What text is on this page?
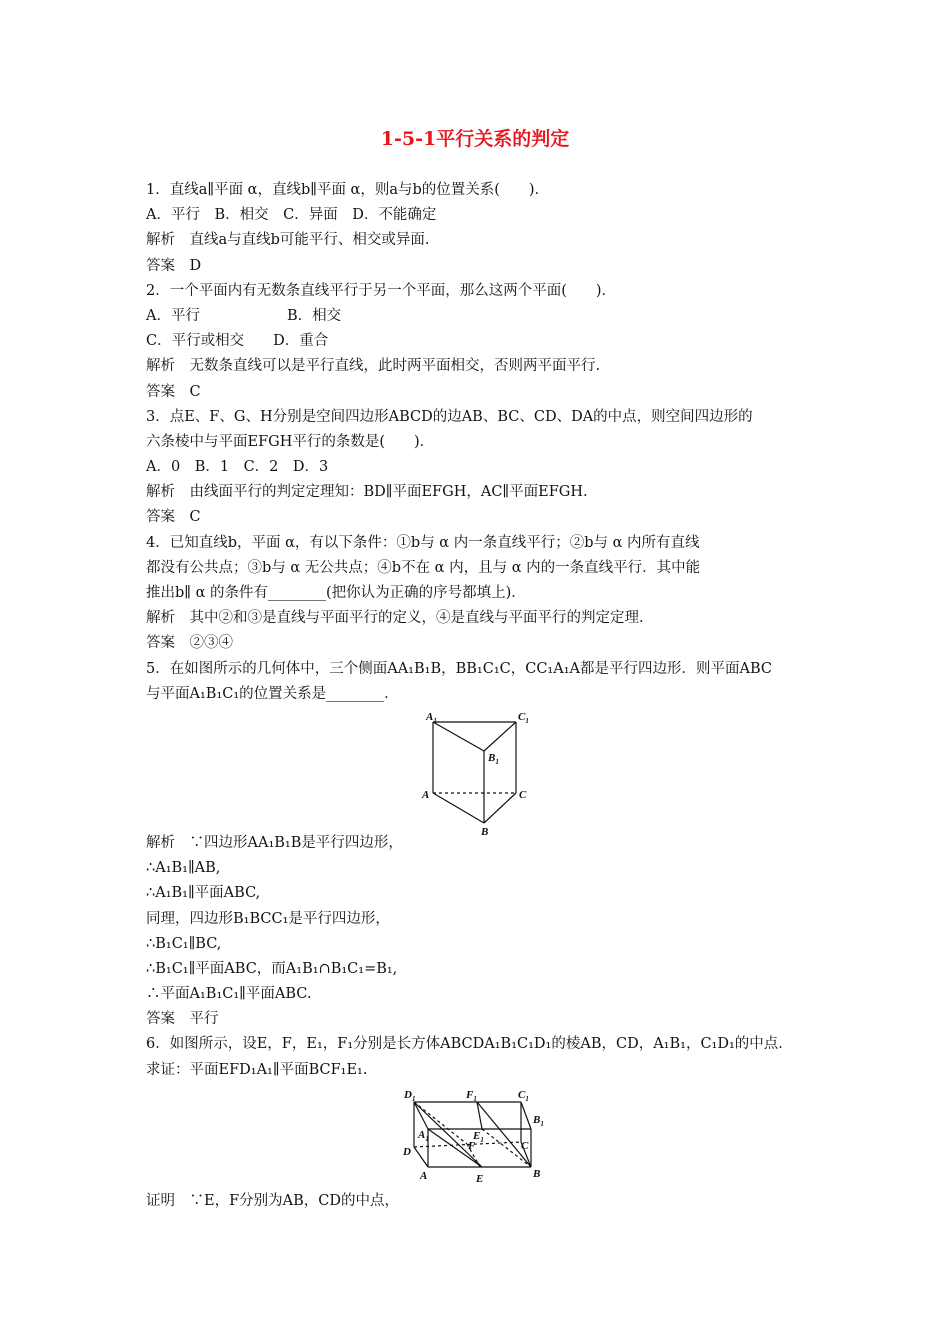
1-5-1平行关系的判定
1．直线a∥平面 α，直线b∥平面 α，则a与b的位置关系(　　)．
A．平行　B．相交　C．异面　D．不能确定
解析　直线a与直线b可能平行、相交或异面.
答案　D
2．一个平面内有无数条直线平行于另一个平面，那么这两个平面(　　)．
A．平行　　　　　　B．相交
C．平行或相交　　D．重合
解析　无数条直线可以是平行直线，此时两平面相交，否则两平面平行.
答案　C
3．点E、F、G、H分别是空间四边形ABCD的边AB、BC、CD、DA的中点，则空间四边形的
六条棱中与平面EFGH平行的条数是(　　)．
A．0　B．1　C．2　D．3
解析　由线面平行的判定定理知：BD∥平面EFGH，AC∥平面EFGH.
答案　C
4．已知直线b，平面 α，有以下条件：①b与 α 内一条直线平行；②b与 α 内所有直线
都没有公共点；③b与 α 无公共点；④b不在 α 内，且与 α 内的一条直线平行．其中能
推出b∥ α 的条件有________(把你认为正确的序号都填上)．
解析　其中②和③是直线与平面平行的定义，④是直线与平面平行的判定定理．
答案　②③④
5．在如图所示的几何体中，三个侧面AA₁B₁B，BB₁C₁C，CC₁A₁A都是平行四边形．则平面ABC
与平面A₁B₁C₁的位置关系是________．
$A_1$	$C_1$
$B_1$
A	C
B
解析　∵四边形AA₁B₁B是平行四边形，
∴A₁B₁∥AB,
∴A₁B₁∥平面ABC,
同理，四边形B₁BCC₁是平行四边形，
∴B₁C₁∥BC,
∴B₁C₁∥平面ABC，而A₁B₁∩B₁C₁=B₁,
∴平面A₁B₁C₁∥平面ABC.
答案　平行
6．如图所示，设E，F，E₁，F₁分别是长方体ABCDA₁B₁C₁D₁的棱AB，CD，A₁B₁，C₁D₁的中点．
求证：平面EFD₁A₁∥平面BCF₁E₁.
$D_1$	$F_1$	$C_1$
$B_1$
$A_1$	$E_1$
F	C
D
A	E	B
证明　∵E，F分别为AB，CD的中点，
